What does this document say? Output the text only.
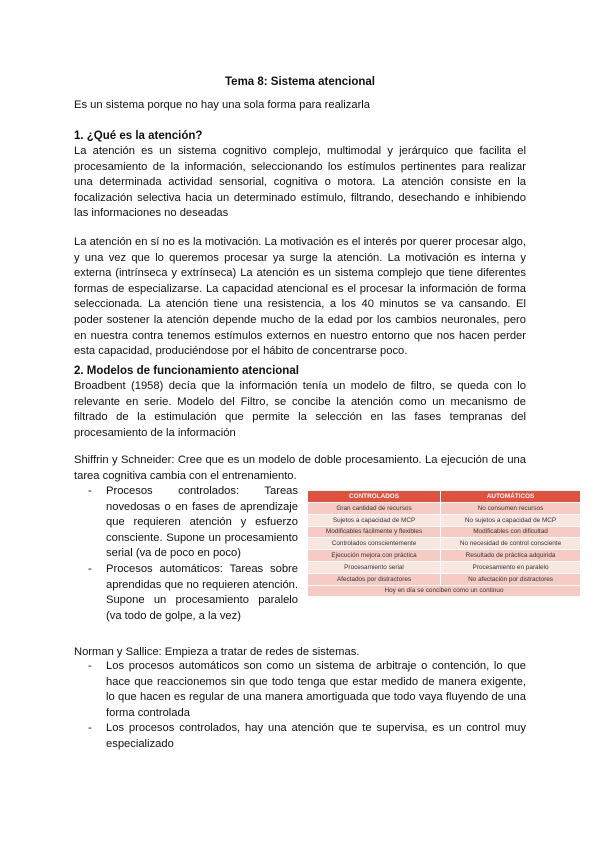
Tema 8: Sistema atencional
Es un sistema porque no hay una sola forma para realizarla
1. ¿Qué es la atención?
La atención es un sistema cognitivo complejo, multimodal y jerárquico que facilita el procesamiento de la información, seleccionando los estímulos pertinentes para realizar una determinada actividad sensorial, cognitiva o motora. La atención consiste en la focalización selectiva hacia un determinado estímulo, filtrando, desechando e inhibiendo las informaciones no deseadas
La atención en sí no es la motivación. La motivación es el interés por querer procesar algo, y una vez que lo queremos procesar ya surge la atención. La motivación es interna y externa (intrínseca y extrínseca) La atención es un sistema complejo que tiene diferentes formas de especializarse. La capacidad atencional es el procesar la información de forma seleccionada. La atención tiene una resistencia, a los 40 minutos se va cansando. El poder sostener la atención depende mucho de la edad por los cambios neuronales, pero en nuestra contra tenemos estímulos externos en nuestro entorno que nos hacen perder esta capacidad, produciéndose por el hábito de concentrarse poco.
2. Modelos de funcionamiento atencional
Broadbent (1958) decía que la información tenía un modelo de filtro, se queda con lo relevante en serie. Modelo del Filtro, se concibe la atención como un mecanismo de filtrado de la estimulación que permite la selección en las fases tempranas del procesamiento de la información
Shiffrin y Schneider: Cree que es un modelo de doble procesamiento. La ejecución de una tarea cognitiva cambia con el entrenamiento.
-	Procesos controlados: Tareas novedosas o en fases de aprendizaje que requieren atención y esfuerzo consciente. Supone un procesamiento serial (va de poco en poco)
-	Procesos automáticos: Tareas sobre aprendidas que no requieren atención. Supone un procesamiento paralelo (va todo de golpe, a la vez)
CONTROLADOS	AUTOMÁTICOS
Gran cantidad de recursos	No consumen recursos
Sujetos a capacidad de MCP	No sujetos a capacidad de MCP
Modificables fácilmente y flexibles	Modificables con dificultad
Controlados conscientemente	No necesidad de control consciente
Ejecución mejora con práctica	Resultado de práctica adquirida
Procesamiento serial	Procesamiento en paralelo
Afectados por distractores	No afectación por distractores
Hoy en día se conciben como un continuo	
Norman y Sallice: Empieza a tratar de redes de sistemas.
-	Los procesos automáticos son como un sistema de arbitraje o contención, lo que hace que reaccionemos sin que todo tenga que estar medido de manera exigente, lo que hacen es regular de una manera amortiguada que todo vaya fluyendo de una forma controlada
-	Los procesos controlados, hay una atención que te supervisa, es un control muy especializado
